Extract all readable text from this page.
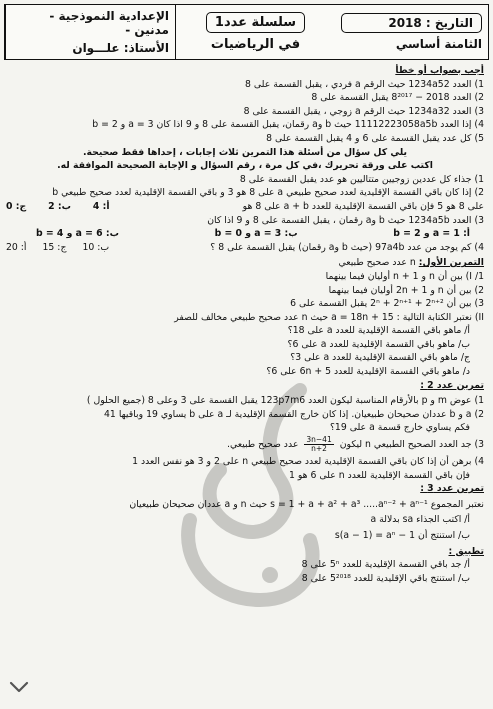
الإعدادية النموذجية - مدنين -
الأستاذ: علـــوان
سلسلة عدد1
في الرياضيات
التاريخ : 2018
الثامنة أساسي
أجب بصواب أو خطأ
1) العدد 1234a52 حيث الرقم a فردي ، يقبل القسمة على 8
2) العدد 2018 − 8²⁰¹⁷ يقبل القسمة على 8
3) العدد 1234a32 حيث الرقم a زوجي ، يقبل القسمة على 8
4) إذا العدد 11112223058a5b حيث b وa رقمان، يقبل القسمة على 8 و 9 اذا كان 3 = a و 2 = b
5) كل عدد يقبل القسمة على 6 و 4 يقبل القسمة على 8
يلي كل سؤال من أسئلة هذا التمرين ثلاث إجابات ، إحداها فقط صحيحة.
اكتب على ورقة تحريرك ،في كل مرة ، رقم السؤال و الإجابة الصحيحة الموافقة له.
1) جذاء كل عددين زوجيين متتاليين هو عدد يقبل القسمة على 8
2) إذا كان باقي القسمة الإقليدية لعدد صحيح طبيعي a على 8 هو 3 و باقي القسمة الإقليدية لعدد صحيح طبيعي b
على 8 هو 5 فإن باقي القسمة الإقليدية للعدد a + b على 8 هو
0 :ج 2 :ب 4 :أ
3) العدد 1234a5b حيث b وa رقمان ، يقبل القسمة على 8 و 9 اذا كان
b = 4 و a = 6 :ب	b = 0 و a = 3 :ب	b = 2 و a = 1 :أ
4) كم يوجد من عدد 97a4b (حيث b وa رقمان) يقبل القسمة على 8 ؟
20 :أ 15 :ج 10 :ب
التمرين الأول: n عدد صحيح طبيعي
1/ I) بين أن n و n + 1 أوليان فيما بينهما
2) بين أن n و 2n + 1 أوليان فيما بينهما
3) بين أن 2ⁿ + 2ⁿ⁺¹ + 2ⁿ⁺² يقبل القسمة على 6
II) نعتبر الكتابة التالية : a = 18n + 15 حيث n عدد صحيح طبيعي مخالف للصفر
أ/ ماهو باقي القسمة الإقليدية للعدد a على 18؟
ب/ ماهو باقي القسمة الإقليدية للعدد a على 6؟
ج/ ماهو باقي القسمة الإقليدية للعدد a على 3؟
د/ ماهو باقي القسمة الإقليدية للعدد 6n + 5 على 6؟
تمرين عدد 2 :
1) عوض m و p بالأرقام المناسبة ليكون العدد 123p7m6 يقبل القسمة على 3 وعلى 8 (جميع الحلول )
2) a و b عددان صحيحان طبيعيان. إذا كان خارج القسمة الإقليدية لـ a على b يساوي 19 وباقيها 41
فكم يساوي خارج قسمة a على 19؟
3) جد العدد الصحيح الطبيعي n ليكون
$\frac{3n-41}{n+2}$
عدد صحيح طبيعي.
4) برهن أن إذا كان باقي القسمة الإقليدية لعدد صحيح طبيعي n على 2 و 3 هو نفس العدد 1
فإن باقي القسمة الإقليدية للعدد n على 6 هو 1
تمرين عدد 3 :
نعتبر المجموع s = 1 + a + a² + a³ .....aⁿ⁻² + aⁿ⁻¹ حيث n و a عددان صحيحان طبيعيان
أ/ اكتب الجذاء sa بدلالة a
ب/ استنتج أن s(a − 1) = aⁿ − 1
تطبيق :
أ/ جد باقي القسمة الإقليدية للعدد 5ⁿ على 8
ب/ استنتج باقي الإقليدية للعدد 5²⁰¹⁸ على 8
